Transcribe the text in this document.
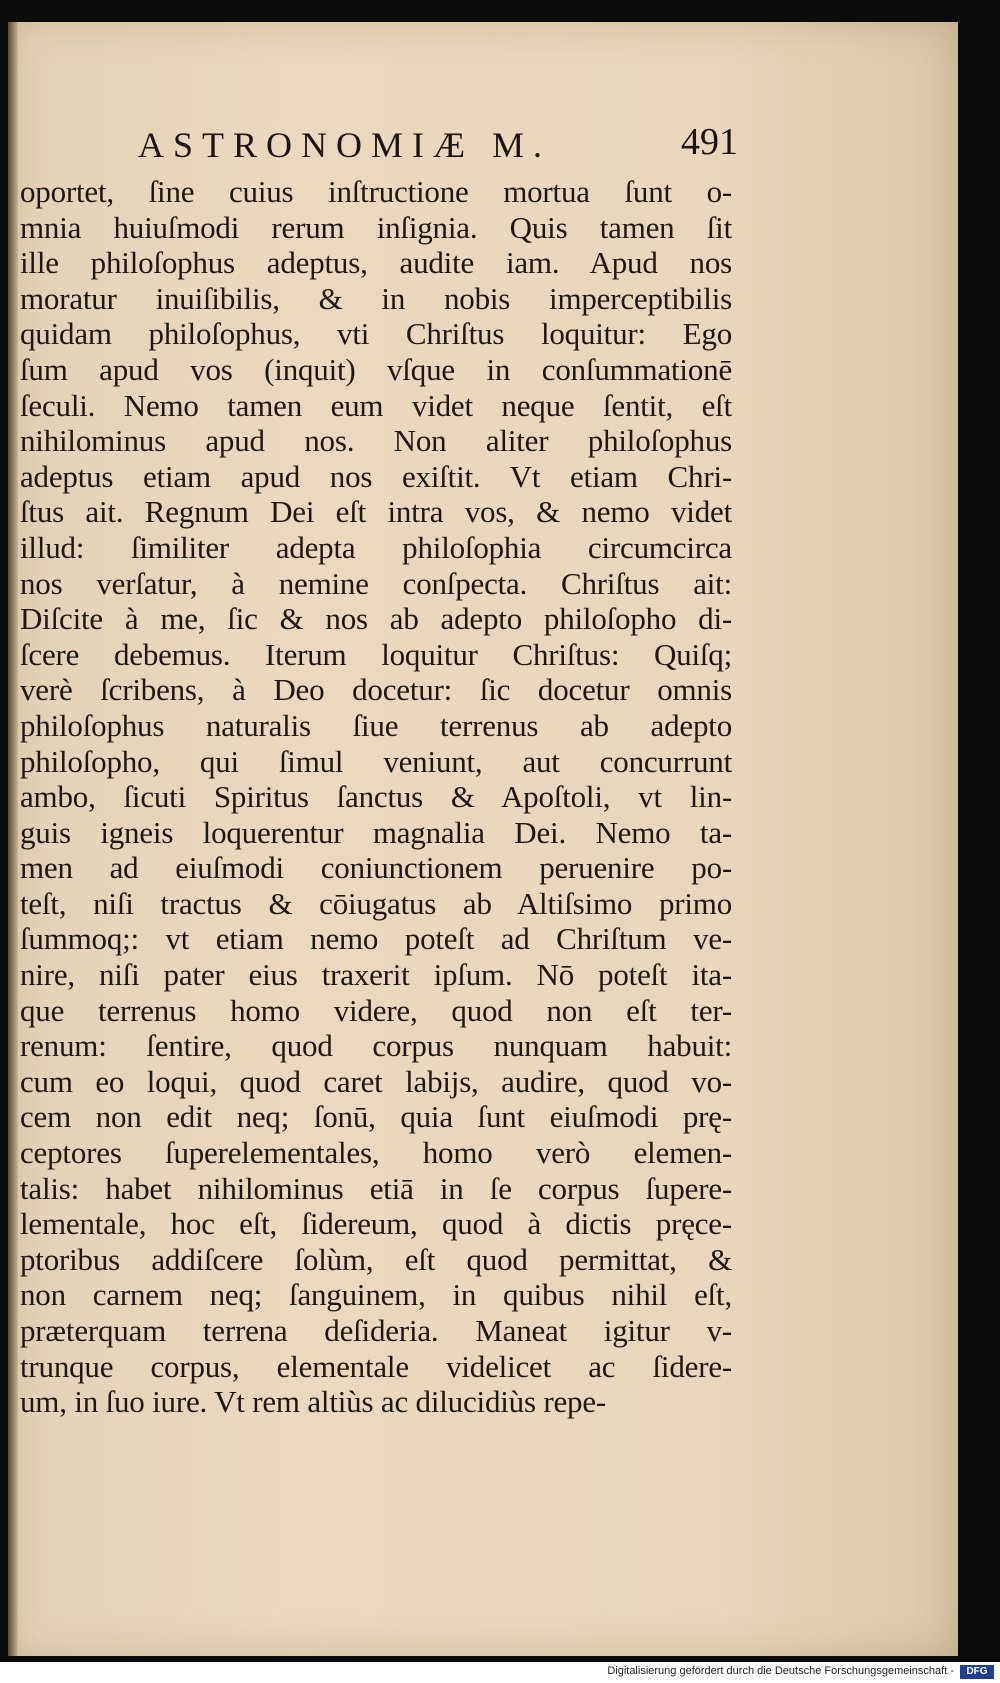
ASTRONOMIÆ M.	491
oportet, ſine cuius inſtructione mortua ſunt o-
mnia huiuſmodi rerum inſignia. Quis tamen ſit
ille philoſophus adeptus, audite iam. Apud nos
moratur inuiſibilis, & in nobis imperceptibilis
quidam philoſophus, vti Chriſtus loquitur: Ego
ſum apud vos (inquit) vſque in conſummationē
ſeculi. Nemo tamen eum videt neque ſentit, eſt
nihilominus apud nos. Non aliter philoſophus
adeptus etiam apud nos exiſtit. Vt etiam Chri-
ſtus ait. Regnum Dei eſt intra vos, & nemo videt
illud: ſimiliter adepta philoſophia circumcirca
nos verſatur, à nemine conſpecta. Chriſtus ait:
Diſcite à me, ſic & nos ab adepto philoſopho di-
ſcere debemus. Iterum loquitur Chriſtus: Quiſq;
verè ſcribens, à Deo docetur: ſic docetur omnis
philoſophus naturalis ſiue terrenus ab adepto
philoſopho, qui ſimul veniunt, aut concurrunt
ambo, ſicuti Spiritus ſanctus & Apoſtoli, vt lin-
guis igneis loquerentur magnalia Dei. Nemo ta-
men ad eiuſmodi coniunctionem peruenire po-
teſt, niſi tractus & cōiugatus ab Altiſsimo primo
ſummoq;: vt etiam nemo poteſt ad Chriſtum ve-
nire, niſi pater eius traxerit ipſum. Nō poteſt ita-
que terrenus homo videre, quod non eſt ter-
renum: ſentire, quod corpus nunquam habuit:
cum eo loqui, quod caret labijs, audire, quod vo-
cem non edit neq; ſonū, quia ſunt eiuſmodi prę-
ceptores ſuperelementales, homo verò elemen-
talis: habet nihilominus etiā in ſe corpus ſupere-
lementale, hoc eſt, ſidereum, quod à dictis pręce-
ptoribus addiſcere ſolùm, eſt quod permittat, &
non carnem neq; ſanguinem, in quibus nihil eſt,
præterquam terrena deſideria. Maneat igitur v-
trunque corpus, elementale videlicet ac ſidere-
um, in ſuo iure. Vt rem altiùs ac dilucidiùs repe-
Digitalisierung gefördert durch die Deutsche Forschungsgemeinschaft -	DFG
